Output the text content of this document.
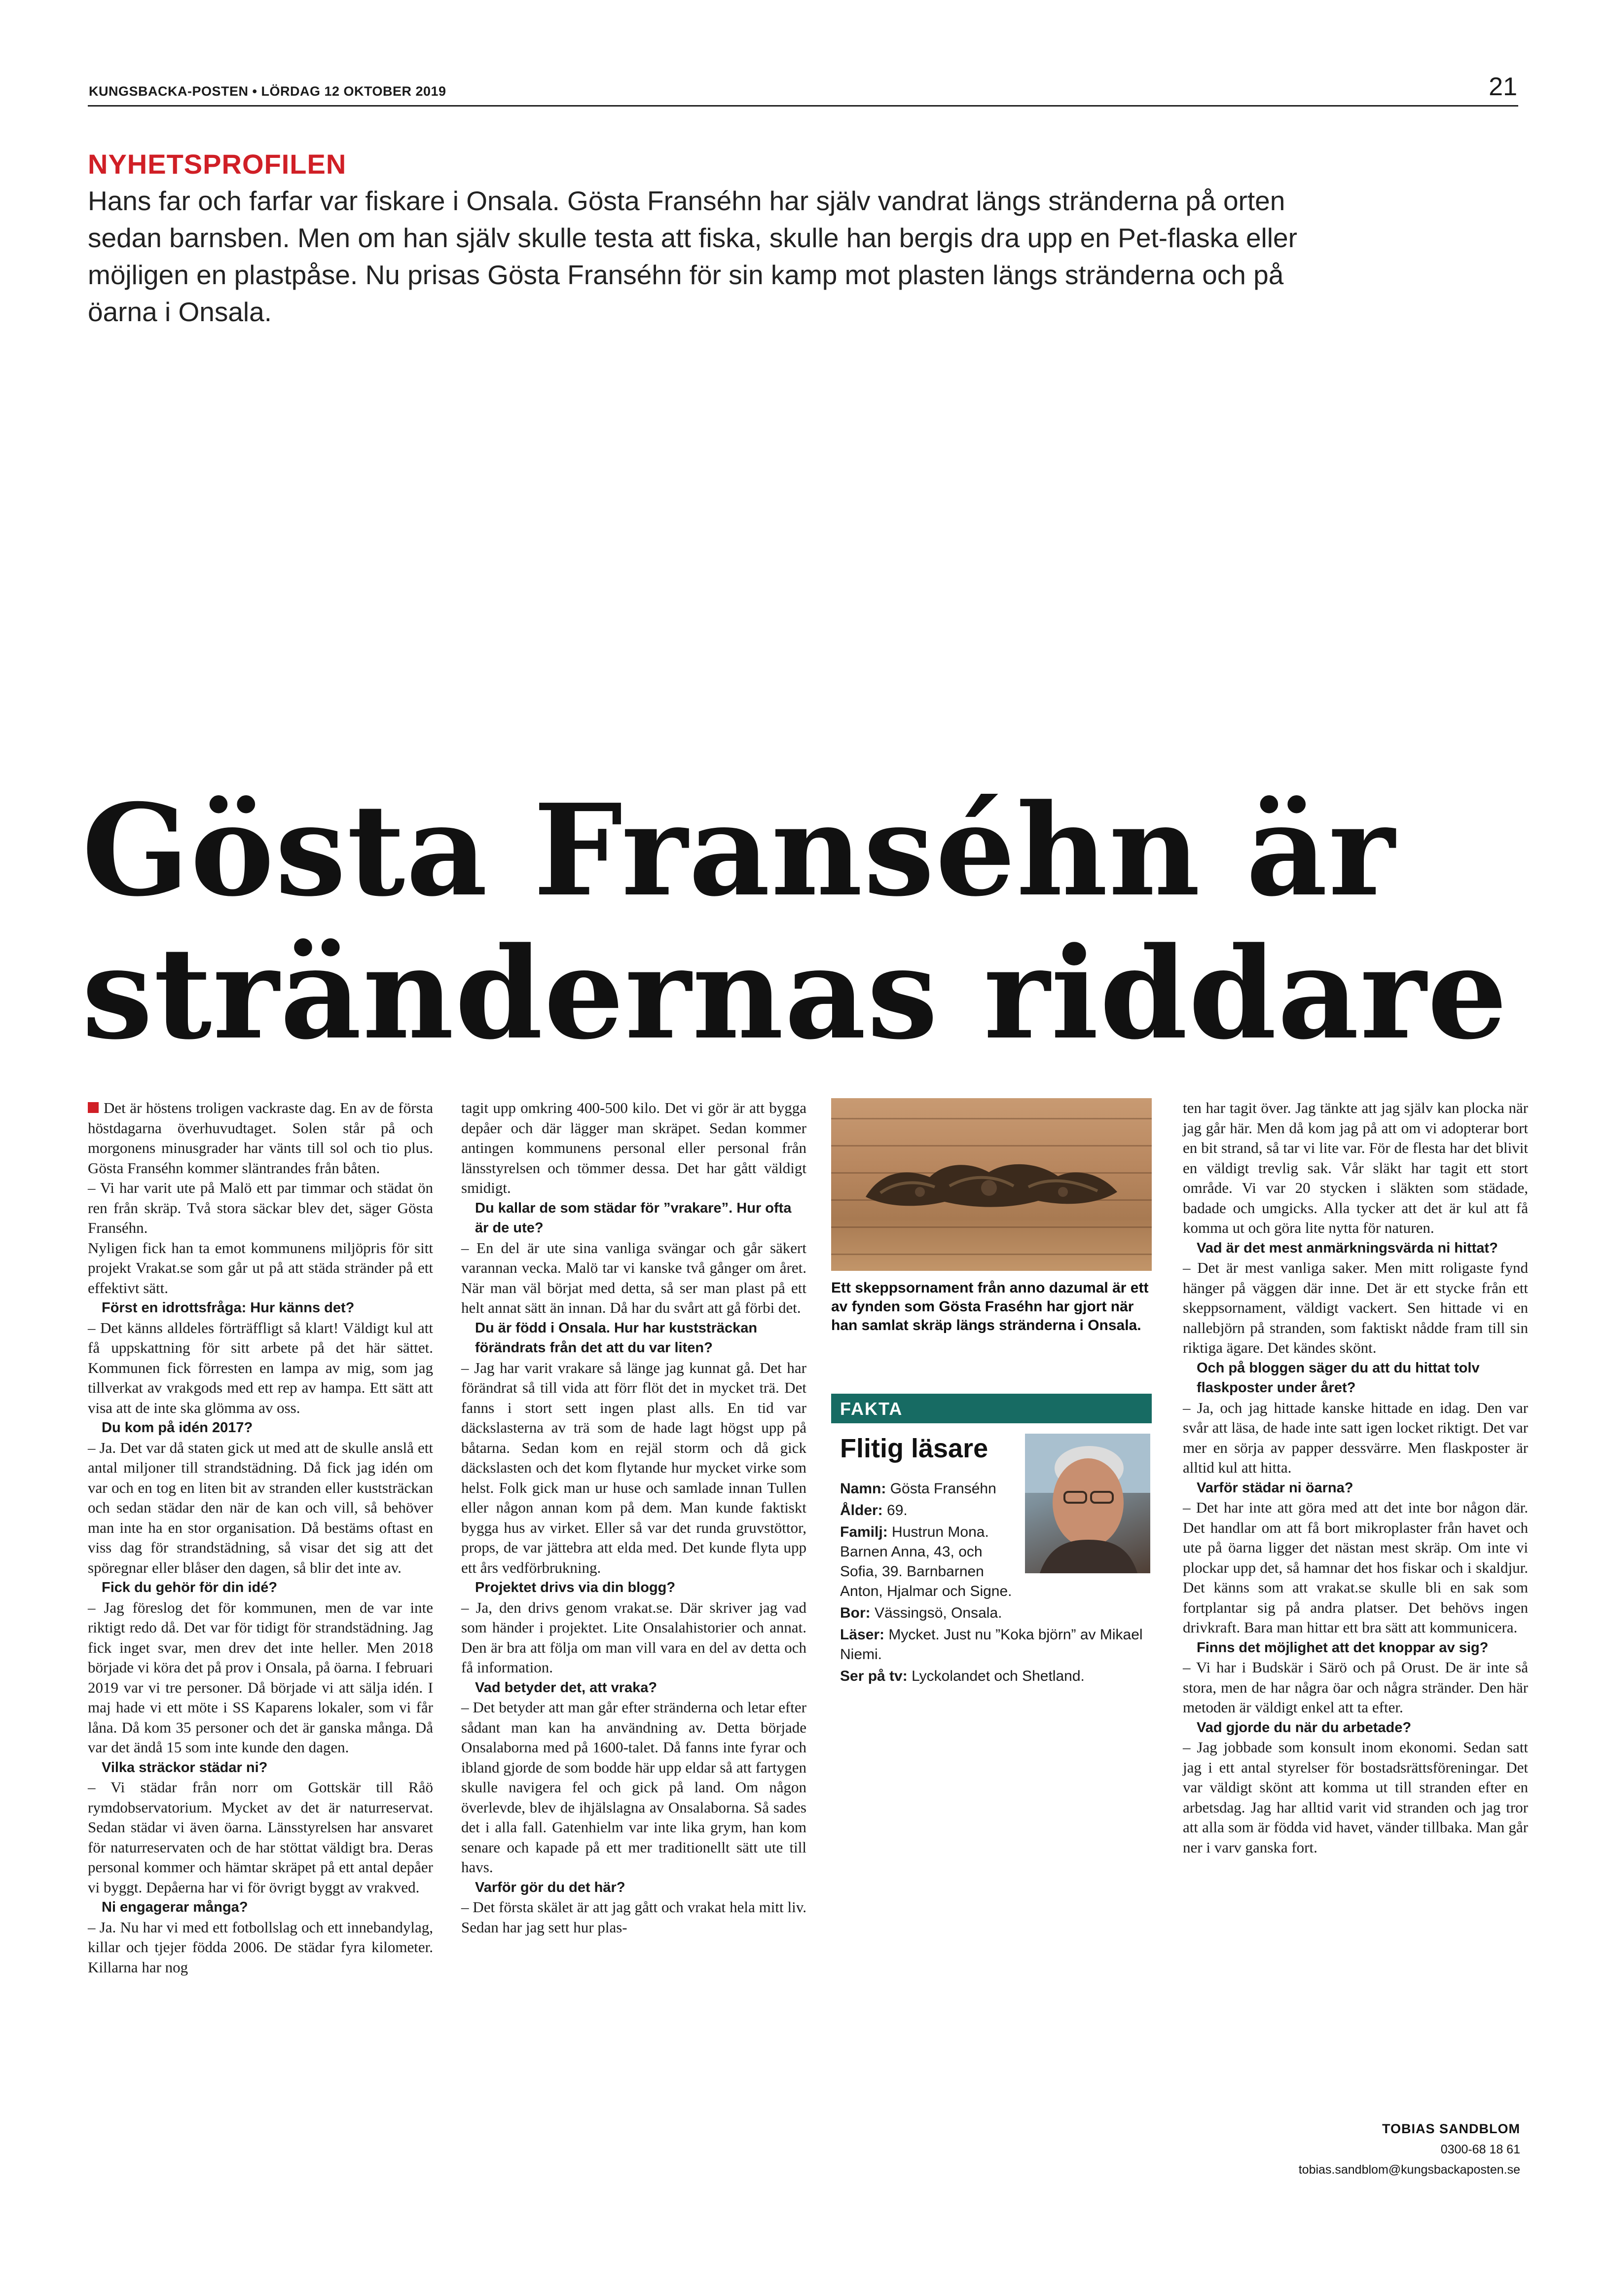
KUNGSBACKA-POSTEN • LÖRDAG 12 OKTOBER 2019	21
NYHETSPROFILEN
Hans far och farfar var fiskare i Onsala. Gösta Franséhn har själv vandrat längs stränderna på orten sedan barnsben. Men om han själv skulle testa att fiska, skulle han bergis dra upp en Pet-flaska eller möjligen en plastpåse. Nu prisas Gösta Franséhn för sin kamp mot plasten längs stränderna och på öarna i Onsala.
Gösta Franséhn är
strändernas riddare

Det är höstens troligen vackraste dag. En av de första höstdagarna överhuvudtaget. Solen står på och morgonens minusgrader har vänts till sol och tio plus. Gösta Franséhn kommer släntrandes från båten.

– Vi har varit ute på Malö ett par timmar och städat ön ren från skräp. Två stora säckar blev det, säger Gösta Franséhn.

Nyligen fick han ta emot kommunens miljöpris för sitt projekt Vrakat.se som går ut på att städa stränder på ett effektivt sätt.

Först en idrottsfråga: Hur känns det?

– Det känns alldeles förträffligt så klart! Väldigt kul att få uppskattning för sitt arbete på det här sättet. Kommunen fick förresten en lampa av mig, som jag tillverkat av vrakgods med ett rep av hampa. Ett sätt att visa att de inte ska glömma av oss.

Du kom på idén 2017?

– Ja. Det var då staten gick ut med att de skulle anslå ett antal miljoner till strandstädning. Då fick jag idén om var och en tog en liten bit av stranden eller kuststräckan och sedan städar den när de kan och vill, så behöver man inte ha en stor organisation. Då bestäms oftast en viss dag för strandstädning, så visar det sig att det spöregnar eller blåser den dagen, så blir det inte av.

Fick du gehör för din idé?

– Jag föreslog det för kommunen, men de var inte riktigt redo då. Det var för tidigt för strandstädning. Jag fick inget svar, men drev det inte heller. Men 2018 började vi köra det på prov i Onsala, på öarna. I februari 2019 var vi tre personer. Då började vi att sälja idén. I maj hade vi ett möte i SS Kaparens lokaler, som vi får låna. Då kom 35 personer och det är ganska många. Då var det ändå 15 som inte kunde den dagen.

Vilka sträckor städar ni?

– Vi städar från norr om Gottskär till Råö rymdobservatorium. Mycket av det är naturreservat. Sedan städar vi även öarna. Länsstyrelsen har ansvaret för naturreservaten och de har stöttat väldigt bra. Deras personal kommer och hämtar skräpet på ett antal depåer vi byggt. Depåerna har vi för övrigt byggt av vrakved.

Ni engagerar många?

– Ja. Nu har vi med ett fotbollslag och ett innebandylag, killar och tjejer födda 2006. De städar fyra kilometer. Killarna har nog

tagit upp omkring 400-500 kilo. Det vi gör är att bygga depåer och där lägger man skräpet. Sedan kommer antingen kommunens personal eller personal från länsstyrelsen och tömmer dessa. Det har gått väldigt smidigt.

Du kallar de som städar för ”vrakare”. Hur ofta är de ute?

– En del är ute sina vanliga svängar och går säkert varannan vecka. Malö tar vi kanske två gånger om året. När man väl börjat med detta, så ser man plast på ett helt annat sätt än innan. Då har du svårt att gå förbi det.

Du är född i Onsala. Hur har kuststräckan förändrats från det att du var liten?

– Jag har varit vrakare så länge jag kunnat gå. Det har förändrat så till vida att förr flöt det in mycket trä. Det fanns i stort sett ingen plast alls. En tid var däckslasterna av trä som de hade lagt högst upp på båtarna. Sedan kom en rejäl storm och då gick däckslasten och det kom flytande hur mycket virke som helst. Folk gick man ur huse och samlade innan Tullen eller någon annan kom på dem. Man kunde faktiskt bygga hus av virket. Eller så var det runda gruvstöttor, props, de var jättebra att elda med. Det kunde flyta upp ett års vedförbrukning.

Projektet drivs via din blogg?

– Ja, den drivs genom vrakat.se. Där skriver jag vad som händer i projektet. Lite Onsalahistorier och annat. Den är bra att följa om man vill vara en del av detta och få information.

Vad betyder det, att vraka?

– Det betyder att man går efter stränderna och letar efter sådant man kan ha användning av. Detta började Onsalaborna med på 1600-talet. Då fanns inte fyrar och ibland gjorde de som bodde här upp eldar så att fartygen skulle navigera fel och gick på land. Om någon överlevde, blev de ihjälslagna av Onsalaborna. Så sades det i alla fall. Gatenhielm var inte lika grym, han kom senare och kapade på ett mer traditionellt sätt ute till havs.

Varför gör du det här?

– Det första skälet är att jag gått och vrakat hela mitt liv. Sedan har jag sett hur plas-

Ett skeppsornament från anno dazumal är ett av fynden som Gösta Fraséhn har gjort när han samlat skräp längs stränderna i Onsala.
FAKTA
Flitig läsare
Namn: Gösta Franséhn
Ålder: 69.
Familj: Hustrun Mona. Barnen Anna, 43, och Sofia, 39. Barnbarnen Anton, Hjalmar och Signe.
Bor: Vässingsö, Onsala.
Läser: Mycket. Just nu ”Koka björn” av Mikael Niemi.
Ser på tv: Lyckolandet och Shetland.

ten har tagit över. Jag tänkte att jag själv kan plocka när jag går här. Men då kom jag på att om vi adopterar bort en bit strand, så tar vi lite var. För de flesta har det blivit en väldigt trevlig sak. Vår släkt har tagit ett stort område. Vi var 20 stycken i släkten som städade, badade och umgicks. Alla tycker att det är kul att få komma ut och göra lite nytta för naturen.

Vad är det mest anmärkningsvärda ni hittat?

– Det är mest vanliga saker. Men mitt roligaste fynd hänger på väggen där inne. Det är ett stycke från ett skeppsornament, väldigt vackert. Sen hittade vi en nallebjörn på stranden, som faktiskt nådde fram till sin riktiga ägare. Det kändes skönt.

Och på bloggen säger du att du hittat tolv flaskposter under året?

– Ja, och jag hittade kanske hittade en idag. Den var svår att läsa, de hade inte satt igen locket riktigt. Det var mer en sörja av papper dessvärre. Men flaskposter är alltid kul att hitta.

Varför städar ni öarna?

– Det har inte att göra med att det inte bor någon där. Det handlar om att få bort mikroplaster från havet och ute på öarna ligger det nästan mest skräp. Om inte vi plockar upp det, så hamnar det hos fiskar och i skaldjur. Det känns som att vrakat.se skulle bli en sak som fortplantar sig på andra platser. Det behövs ingen drivkraft. Bara man hittar ett bra sätt att kommunicera.

Finns det möjlighet att det knoppar av sig?

– Vi har i Budskär i Särö och på Orust. De är inte så stora, men de har några öar och några stränder. Den här metoden är väldigt enkel att ta efter.

Vad gjorde du när du arbetade?

– Jag jobbade som konsult inom ekonomi. Sedan satt jag i ett antal styrelser för bostadsrättsföreningar. Det var väldigt skönt att komma ut till stranden efter en arbetsdag. Jag har alltid varit vid stranden och jag tror att alla som är födda vid havet, vänder tillbaka. Man går ner i varv ganska fort.

TOBIAS SANDBLOM
0300-68 18 61
tobias.sandblom@kungsbackaposten.se
